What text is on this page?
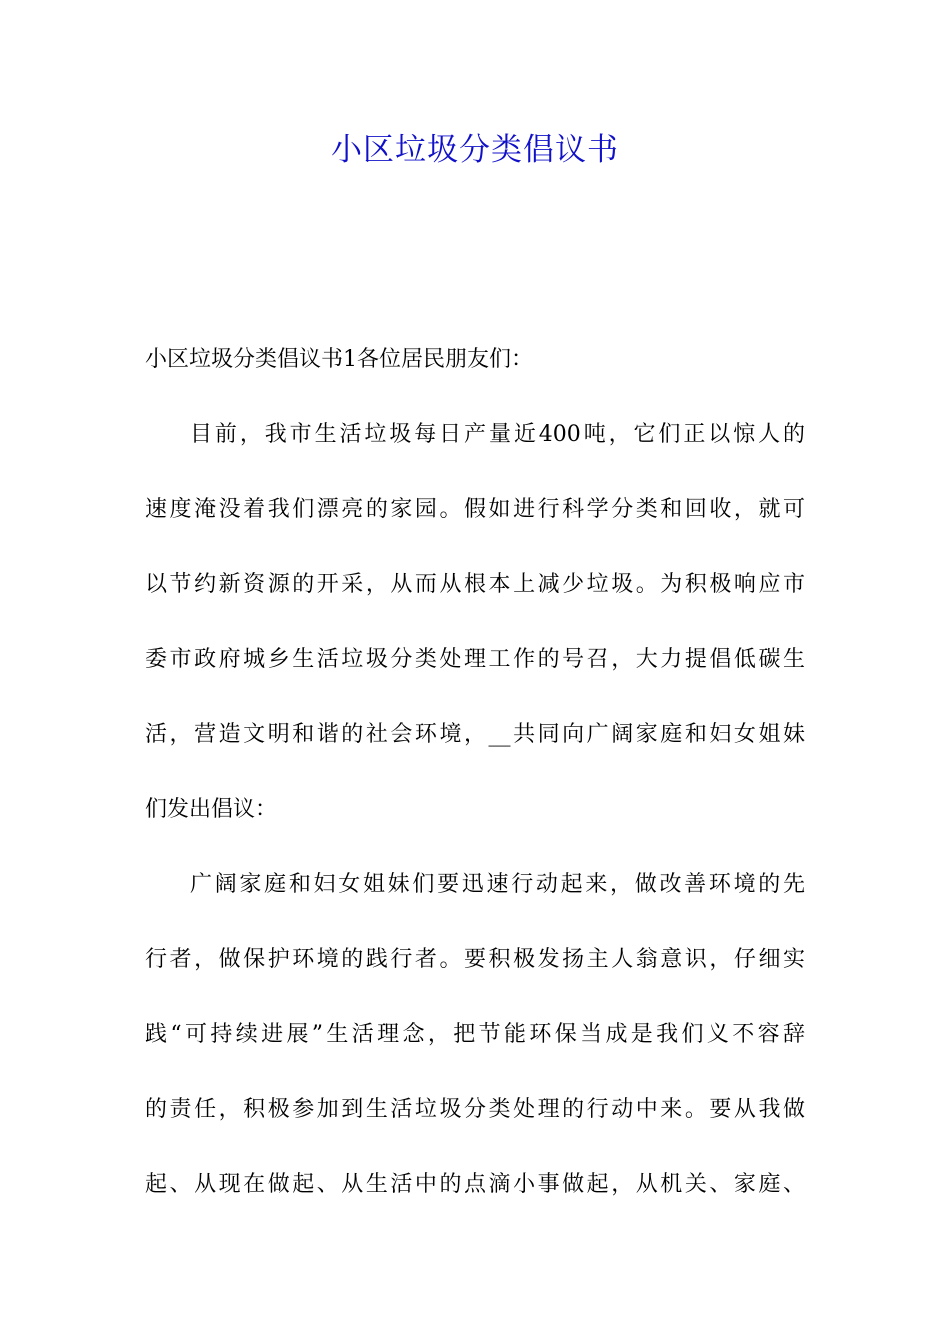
小区垃圾分类倡议书
小区垃圾分类倡议书1各位居民朋友们：
目前，我市生活垃圾每日产量近400吨，它们正以惊人的
速度淹没着我们漂亮的家园。假如进行科学分类和回收，就可
以节约新资源的开采，从而从根本上减少垃圾。为积极响应市
委市政府城乡生活垃圾分类处理工作的号召，大力提倡低碳生
活，营造文明和谐的社会环境，__共同向广阔家庭和妇女姐妹
们发出倡议：
广阔家庭和妇女姐妹们要迅速行动起来，做改善环境的先
行者，做保护环境的践行者。要积极发扬主人翁意识，仔细实
践“可持续进展”生活理念，把节能环保当成是我们义不容辞
的责任，积极参加到生活垃圾分类处理的行动中来。要从我做
起、从现在做起、从生活中的点滴小事做起，从机关、家庭、
